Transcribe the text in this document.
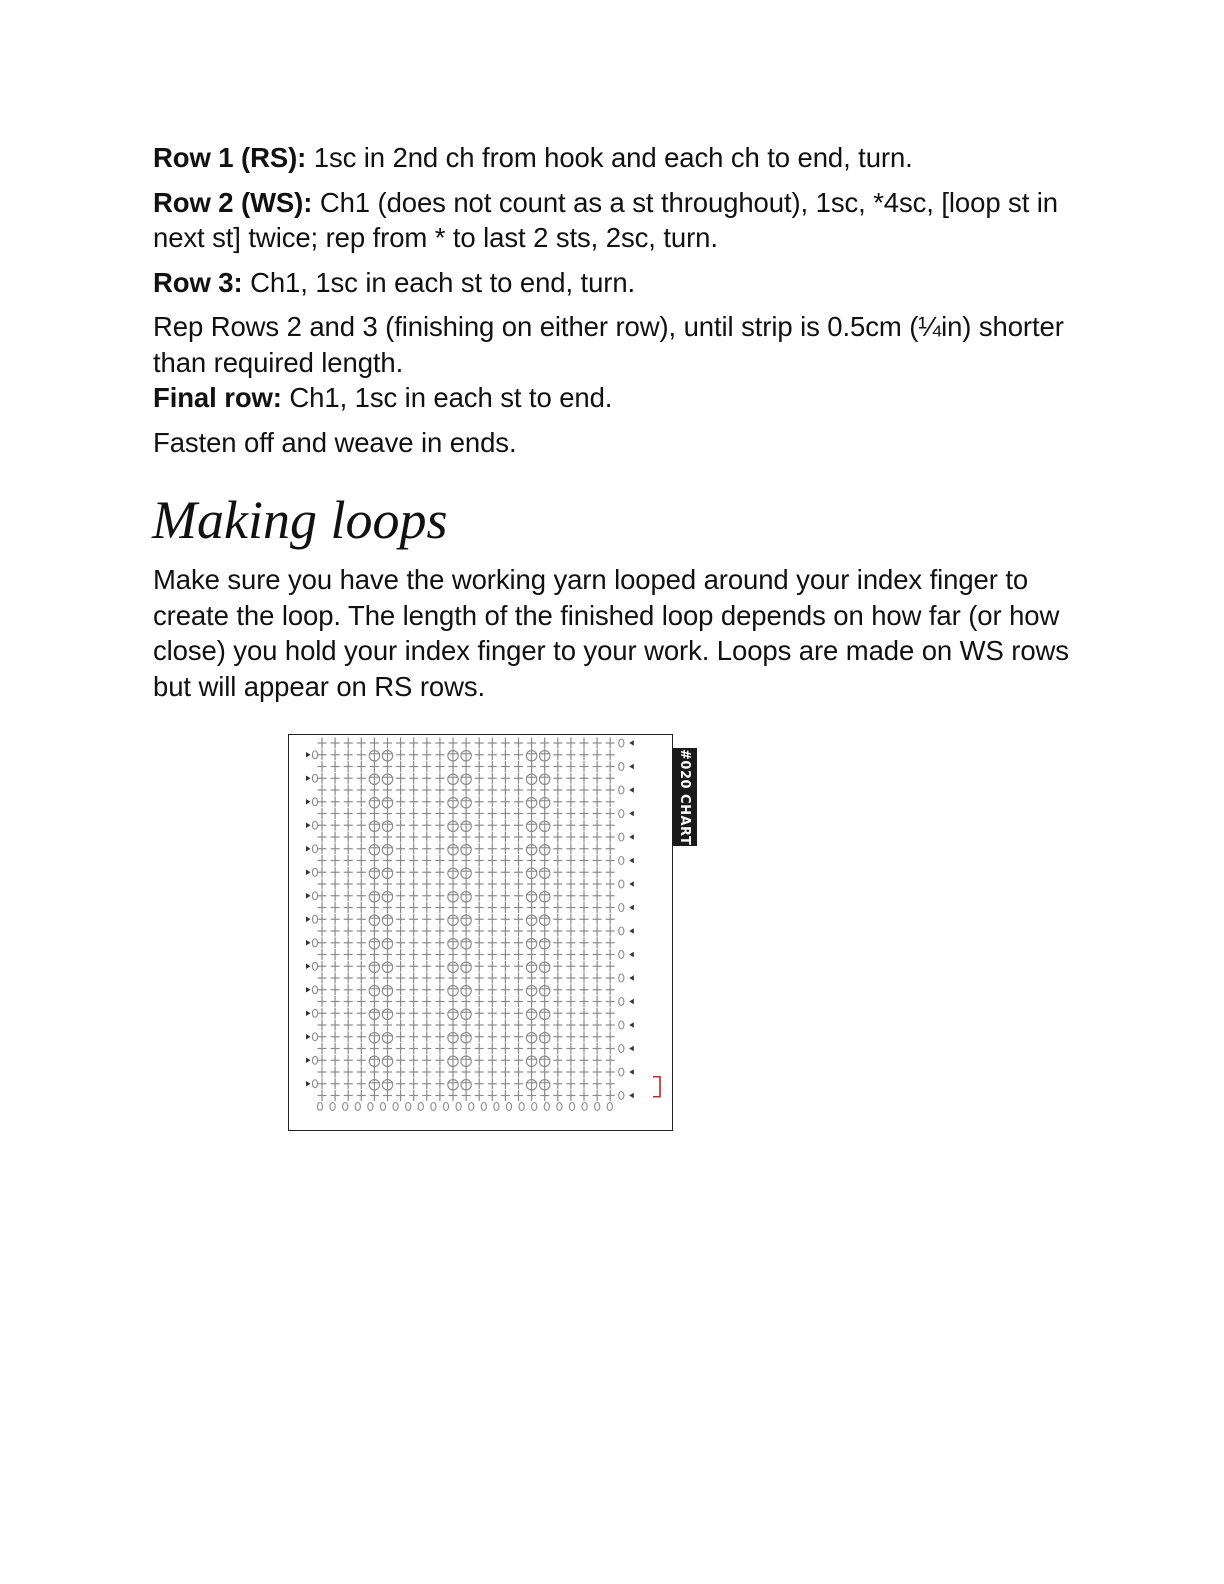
Row 1 (RS): 1sc in 2nd ch from hook and each ch to end, turn.

Row 2 (WS): Ch1 (does not count as a st throughout), 1sc, *4sc, [loop st in next st] twice; rep from * to last 2 sts, 2sc, turn.

Row 3: Ch1, 1sc in each st to end, turn.

Rep Rows 2 and 3 (finishing on either row), until strip is 0.5cm (¼in) shorter than required length.

Final row: Ch1, 1sc in each st to end.

Fasten off and weave in ends.

Making loops

Make sure you have the working yarn looped around your index finger to create the loop. The length of the finished loop depends on how far (or how close) you hold your index finger to your work. Loops are made on WS rows but will appear on RS rows.

#020 CHART
